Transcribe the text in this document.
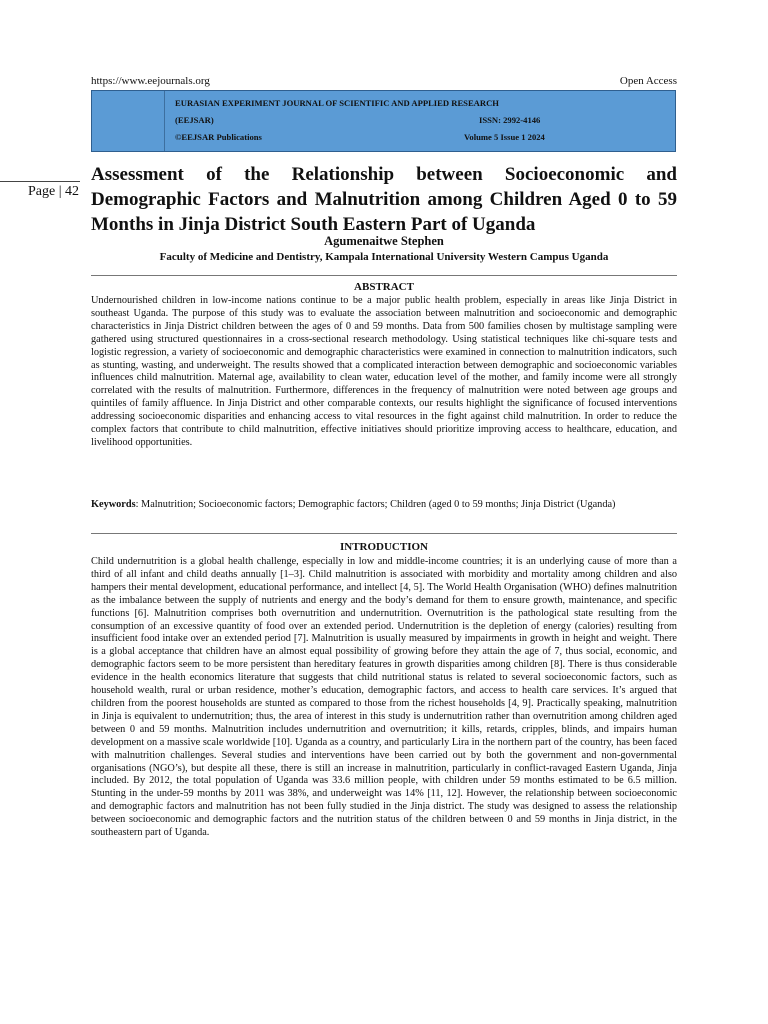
https://www.eejournals.org	Open Access
EURASIAN EXPERIMENT JOURNAL OF SCIENTIFIC AND APPLIED RESEARCH
(EEJSAR)	ISSN: 2992-4146
©EEJSAR Publications	Volume 5 Issue 1 2024
Page | 42
Assessment of the Relationship between Socioeconomic and Demographic Factors and Malnutrition among Children Aged 0 to 59 Months in Jinja District South Eastern Part of Uganda
Agumenaitwe Stephen
Faculty of Medicine and Dentistry, Kampala International University Western Campus Uganda
ABSTRACT

Undernourished children in low-income nations continue to be a major public health problem, especially in areas like Jinja District in southeast Uganda. The purpose of this study was to evaluate the association between malnutrition and socioeconomic and demographic characteristics in Jinja District children between the ages of 0 and 59 months. Data from 500 families chosen by multistage sampling were gathered using structured questionnaires in a cross-sectional research methodology. Using statistical techniques like chi-square tests and logistic regression, a variety of socioeconomic and demographic characteristics were examined in connection to malnutrition indicators, such as stunting, wasting, and underweight. The results showed that a complicated interaction between demographic and socioeconomic variables influences child malnutrition. Maternal age, availability to clean water, education level of the mother, and family income were all strongly correlated with the results of malnutrition. Furthermore, differences in the frequency of malnutrition were noted between age groups and quintiles of family affluence. In Jinja District and other comparable contexts, our results highlight the significance of focused interventions addressing socioeconomic disparities and enhancing access to vital resources in the fight against child malnutrition. In order to reduce the complex factors that contribute to child malnutrition, effective initiatives should prioritize improving access to healthcare, education, and livelihood opportunities.

Keywords: Malnutrition; Socioeconomic factors; Demographic factors; Children (aged 0 to 59 months; Jinja District (Uganda)

INTRODUCTION

Child undernutrition is a global health challenge, especially in low and middle-income countries; it is an underlying cause of more than a third of all infant and child deaths annually [1–3]. Child malnutrition is associated with morbidity and mortality among children and also hampers their mental development, educational performance, and intellect [4, 5]. The World Health Organisation (WHO) defines malnutrition as the imbalance between the supply of nutrients and energy and the body’s demand for them to ensure growth, maintenance, and specific functions [6]. Malnutrition comprises both overnutrition and undernutrition. Overnutrition is the pathological state resulting from the consumption of an excessive quantity of food over an extended period. Undernutrition is the depletion of energy (calories) resulting from insufficient food intake over an extended period [7]. Malnutrition is usually measured by impairments in growth in height and weight. There is a global acceptance that children have an almost equal possibility of growing before they attain the age of 7, thus social, economic, and demographic factors seem to be more persistent than hereditary features in growth disparities among children [8]. There is thus considerable evidence in the health economics literature that suggests that child nutritional status is related to several socioeconomic factors, such as household wealth, rural or urban residence, mother’s education, demographic factors, and access to health care services. It’s argued that children from the poorest households are stunted as compared to those from the richest households [4, 9]. Practically speaking, malnutrition in Jinja is equivalent to undernutrition; thus, the area of interest in this study is undernutrition rather than overnutrition among children aged between 0 and 59 months. Malnutrition includes undernutrition and overnutrition; it kills, retards, cripples, blinds, and impairs human development on a massive scale worldwide [10]. Uganda as a country, and particularly Lira in the northern part of the country, has been faced with malnutrition challenges. Several studies and interventions have been carried out by both the government and non-governmental organisations (NGO’s), but despite all these, there is still an increase in malnutrition, particularly in conflict-ravaged Eastern Uganda, Jinja included. By 2012, the total population of Uganda was 33.6 million people, with children under 59 months estimated to be 6.5 million. Stunting in the under-59 months by 2011 was 38%, and underweight was 14% [11, 12]. However, the relationship between socioeconomic and demographic factors and malnutrition has not been fully studied in the Jinja district. The study was designed to assess the relationship between socioeconomic and demographic factors and the nutrition status of the children between 0 and 59 months in Jinja district, in the southeastern part of Uganda.
